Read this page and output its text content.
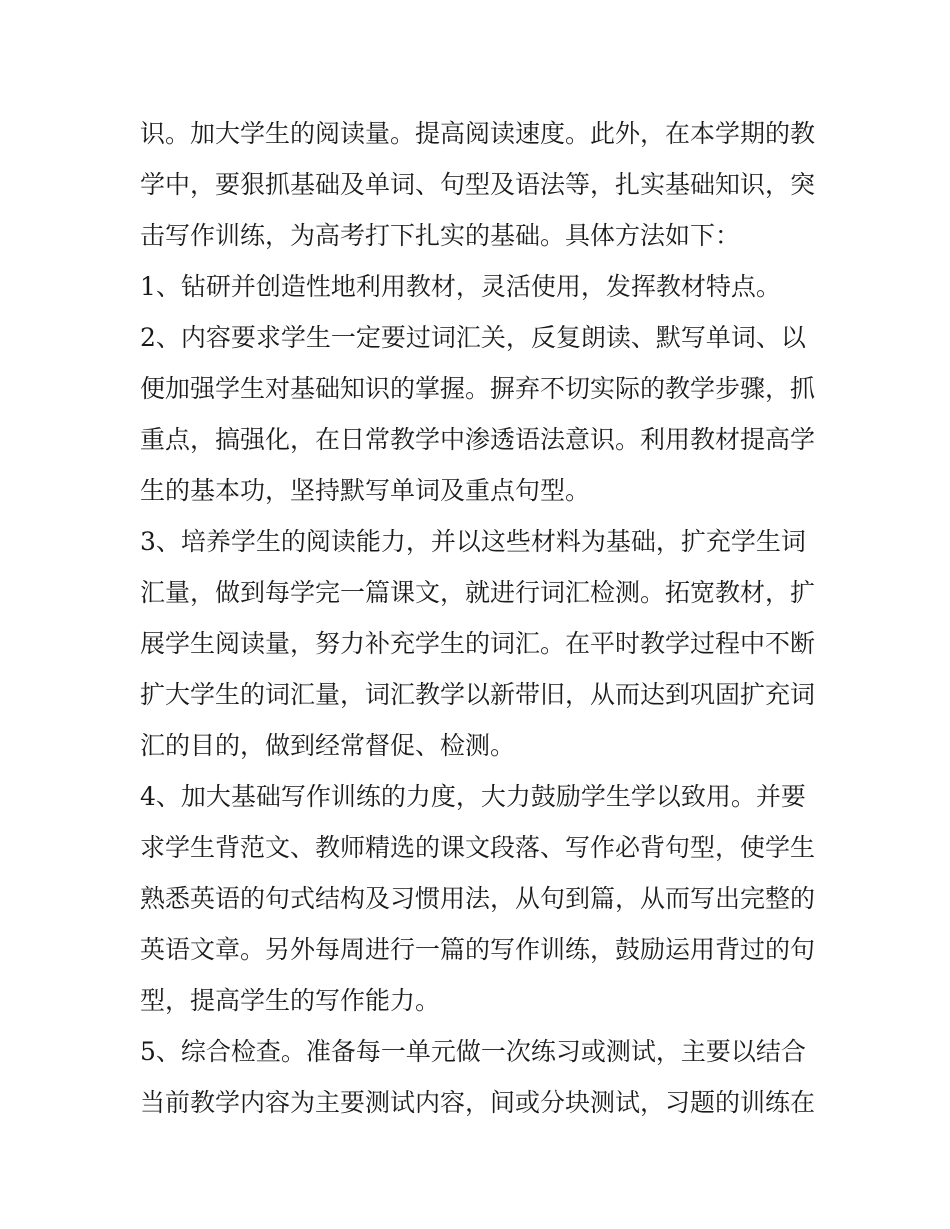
识。加大学生的阅读量。提高阅读速度。此外，在本学期的教
学中，要狠抓基础及单词、句型及语法等，扎实基础知识，突
击写作训练，为高考打下扎实的基础。具体方法如下：
1、钻研并创造性地利用教材，灵活使用，发挥教材特点。
2、内容要求学生一定要过词汇关，反复朗读、默写单词、以
便加强学生对基础知识的掌握。摒弃不切实际的教学步骤，抓
重点，搞强化，在日常教学中渗透语法意识。利用教材提高学
生的基本功，坚持默写单词及重点句型。
3、培养学生的阅读能力，并以这些材料为基础，扩充学生词
汇量，做到每学完一篇课文，就进行词汇检测。拓宽教材，扩
展学生阅读量，努力补充学生的词汇。在平时教学过程中不断
扩大学生的词汇量，词汇教学以新带旧，从而达到巩固扩充词
汇的目的，做到经常督促、检测。
4、加大基础写作训练的力度，大力鼓励学生学以致用。并要
求学生背范文、教师精选的课文段落、写作必背句型，使学生
熟悉英语的句式结构及习惯用法，从句到篇，从而写出完整的
英语文章。另外每周进行一篇的写作训练，鼓励运用背过的句
型，提高学生的写作能力。
5、综合检查。准备每一单元做一次练习或测试，主要以结合
当前教学内容为主要测试内容，间或分块测试，习题的训练在
